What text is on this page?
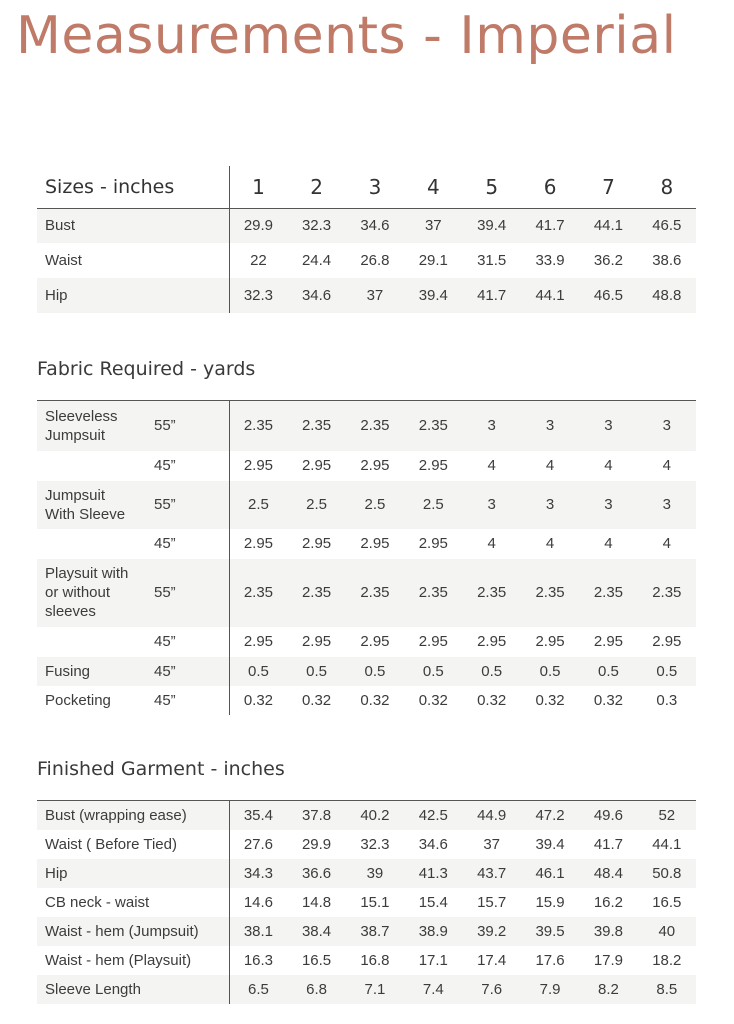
Measurements - Imperial
Sizes - inches	1	2	3	4	5	6	7	8
Bust	29.9	32.3	34.6	37	39.4	41.7	44.1	46.5
Waist	22	24.4	26.8	29.1	31.5	33.9	36.2	38.6
Hip	32.3	34.6	37	39.4	41.7	44.1	46.5	48.8
Fabric Required - yards
Sleeveless
Jumpsuit	55”	2.35	2.35	2.35	2.35	3	3	3	3
	45”	2.95	2.95	2.95	2.95	4	4	4	4
Jumpsuit
With Sleeve	55”	2.5	2.5	2.5	2.5	3	3	3	3
	45”	2.95	2.95	2.95	2.95	4	4	4	4
Playsuit with
or without
sleeves	55”	2.35	2.35	2.35	2.35	2.35	2.35	2.35	2.35
	45”	2.95	2.95	2.95	2.95	2.95	2.95	2.95	2.95
Fusing	45”	0.5	0.5	0.5	0.5	0.5	0.5	0.5	0.5
Pocketing	45”	0.32	0.32	0.32	0.32	0.32	0.32	0.32	0.3
Finished Garment - inches
Bust (wrapping ease)	35.4	37.8	40.2	42.5	44.9	47.2	49.6	52
Waist ( Before Tied)	27.6	29.9	32.3	34.6	37	39.4	41.7	44.1
Hip	34.3	36.6	39	41.3	43.7	46.1	48.4	50.8
CB neck - waist	14.6	14.8	15.1	15.4	15.7	15.9	16.2	16.5
Waist - hem (Jumpsuit)	38.1	38.4	38.7	38.9	39.2	39.5	39.8	40
Waist - hem (Playsuit)	16.3	16.5	16.8	17.1	17.4	17.6	17.9	18.2
Sleeve Length	6.5	6.8	7.1	7.4	7.6	7.9	8.2	8.5
